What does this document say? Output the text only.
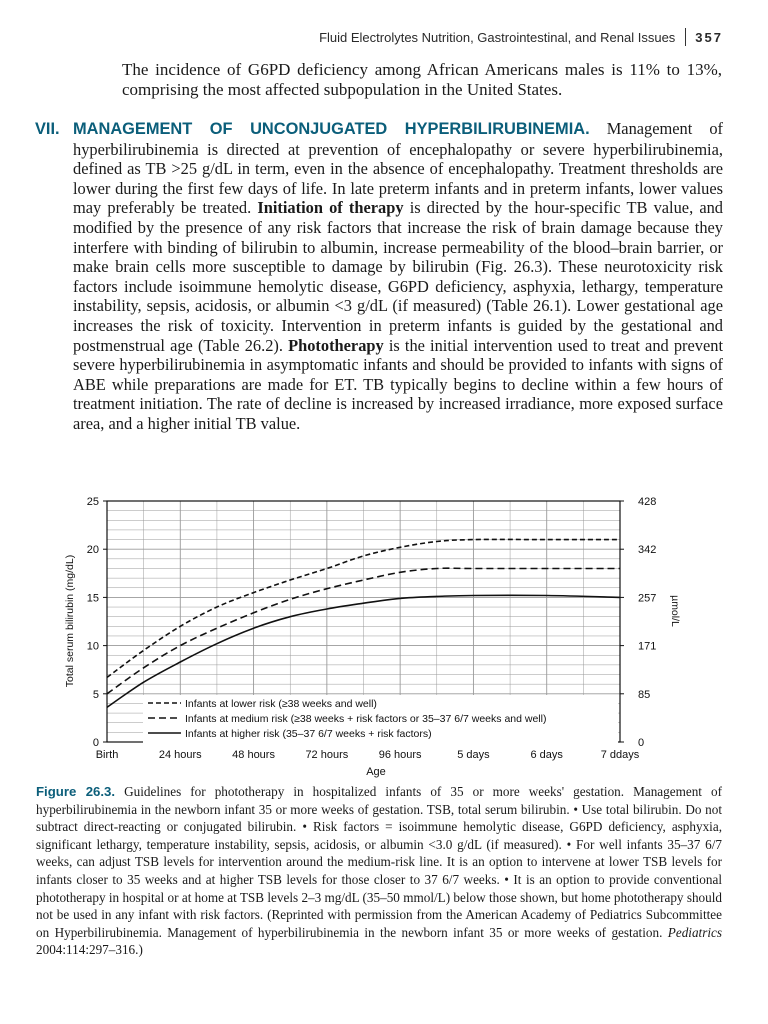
Fluid Electrolytes Nutrition, Gastrointestinal, and Renal Issues 357

The incidence of G6PD deficiency among African Americans males is 11% to 13%, comprising the most affected subpopulation in the United States.

VII. MANAGEMENT OF UNCONJUGATED HYPERBILIRUBINEMIA. Management of hyperbilirubinemia is directed at prevention of encephalopathy or severe hyperbilirubinemia, defined as TB >25 g/dL in term, even in the absence of encephalopathy. Treatment thresholds are lower during the first few days of life. In late preterm infants and in preterm infants, lower values may preferably be treated. Initiation of therapy is directed by the hour-specific TB value, and modified by the presence of any risk factors that increase the risk of brain damage because they interfere with binding of bilirubin to albumin, increase permeability of the blood–brain barrier, or make brain cells more susceptible to damage by bilirubin (Fig. 26.3). These neurotoxicity risk factors include isoimmune hemolytic disease, G6PD deficiency, asphyxia, lethargy, temperature instability, sepsis, acidosis, or albumin <3 g/dL (if measured) (Table 26.1). Lower gestational age increases the risk of toxicity. Intervention in preterm infants is guided by the gestational and postmenstrual age (Table 26.2). Phototherapy is the initial intervention used to treat and prevent severe hyperbilirubinemia in asymptomatic infants and should be provided to infants with signs of ABE while preparations are made for ET. TB typically begins to decline within a few hours of treatment initiation. The rate of decline is increased by increased irradiance, more exposed surface area, and a higher initial TB value.

0
5
10
15
20
25
0
85
171
257
342
428
Birth	24 hours	48 hours	72 hours	96 hours	5 days	6 days	7 ddays
Infants at lower risk (≥38 weeks and well)
Infants at medium risk (≥38 weeks + risk factors or 35–37 6/7 weeks and well)
Infants at higher risk (35–37 6/7 weeks + risk factors)
Age
Total serum bilirubin (mg/dL)	µmol/L

Figure 26.3. Guidelines for phototherapy in hospitalized infants of 35 or more weeks' gestation. Management of hyperbilirubinemia in the newborn infant 35 or more weeks of gestation. TSB, total serum bilirubin. • Use total bilirubin. Do not subtract direct-reacting or conjugated bilirubin. • Risk factors = isoimmune hemolytic disease, G6PD deficiency, asphyxia, significant lethargy, temperature instability, sepsis, acidosis, or albumin <3.0 g/dL (if measured). • For well infants 35–37 6/7 weeks, can adjust TSB levels for intervention around the medium-risk line. It is an option to intervene at lower TSB levels for infants closer to 35 weeks and at higher TSB levels for those closer to 37 6/7 weeks. • It is an option to provide conventional phototherapy in hospital or at home at TSB levels 2–3 mg/dL (35–50 mmol/L) below those shown, but home phototherapy should not be used in any infant with risk factors. (Reprinted with permission from the American Academy of Pediatrics Subcommittee on Hyperbilirubinemia. Management of hyperbilirubinemia in the newborn infant 35 or more weeks of gestation. Pediatrics 2004:114:297–316.)
